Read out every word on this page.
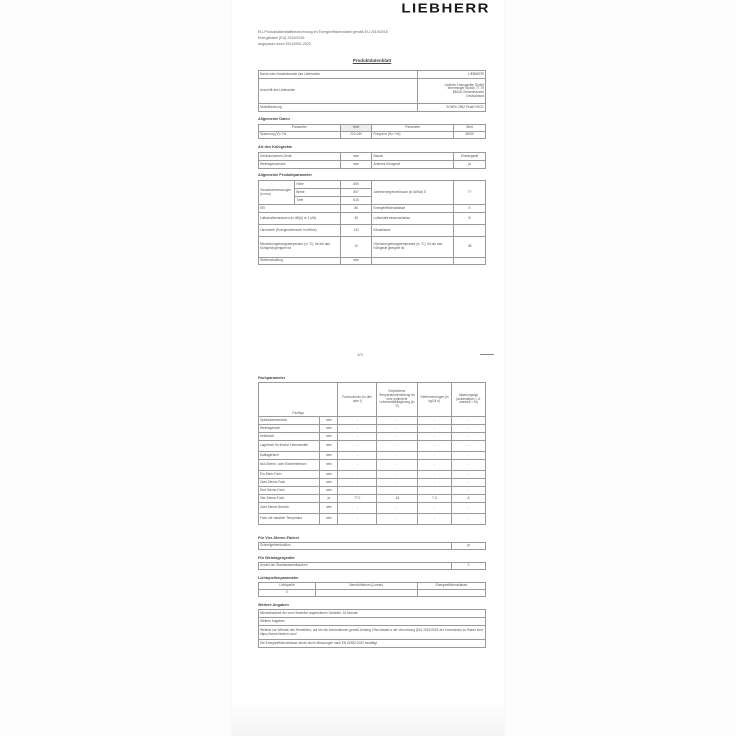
LIEBHERR
EU-Produktdatenblattbezeichnung im Energieeffizienzlabel gemäß EU 2019/2016
Energielabel (EU) 2019/2016
angepasst durch EN 62552-2020
Produktdatenblatt
Name oder Handelsmarke des Lieferanten	LIEBHERR
Anschrift des Lieferanten	Liebherr-Hausgeräte GmbH
Memminger Straße 77-79
88416 Ochsenhausen
Deutschland
Modellkennung	SGNPe 2562 Peak/Y/SGC
Allgemeine Daten
Parameter	Wert	Parameter	Wert
Spannung (V) / Hz	220-240	Frequenz (Hz / Hz)	50/60
Art des Kühlgeräts
Geräuscharmes Gerät	nein	Bauart	Einbaugerät
Weinlagerschrank	nein	Anderes Kühlgerät	ja
Allgemeine Produktparameter
Gesamtabmessungen (in mm)	Höhe	850	Jahresenergieverbrauch (in kWh/a) E	7?
	Breite	597		
	Tiefe	615		
EEI		86	Energieeffizienzklasse	E
Luftschallemissionen (in dB(A) re 1 pW)		35	Luftschallemissionsklasse	B
Lärmwerte (Energieverbrauch in kWh/a)		132	Klimaklasse	
Mindestumgebungstemperatur (in °C), für die das Kühlgerät geeignet ist		10	Höchstumgebungstemperatur (in °C), für die das Kühlgerät geeignet ist	38
Winterschaltung		nein		
1/3
Fachparameter
Fachtyp		Fachvolumen (in dm³ oder l)	Empfohlene Temperatureinstellung für eine optimierte Lebensmittellagerung (in °C)	Gefriervermögen (in kg/24 h)	Abtauungstyp (automatisch = A, manuell = M)
Speisekammerfach	nein	-	-	-	-
Weinlagerfach	nein	-	-	-	-
Kellerfach	nein	-	-	-	-
Lagerfach für frische Lebensmittel	nein	-	-	-	-
Kaltlagerfach	nein	-	-	-	-
Null-Sterne- oder Eisbereiterfach	nein	-	-	-	-
Ein-Stern-Fach	nein	-	-	-	-
Zwei-Sterne-Fach	nein	-	-	-	-
Drei-Sterne-Fach	nein	-	-	-	-
Vier-Sterne-Fach	ja	77.0	-18	7.0	A
Zwei-Sterne-Bereich	nein	-	-	-	-
Fach mit variabler Temperatur	nein	-	-	-	-
Für Vier-Sterne-Fächer
Schnellgefrierfunktion	ja
Für Weinlagergeräte
Anzahl der Standardweinflaschen	0
Lichtquellenparameter
Lichtquelle	Nennlichtstrom (Lumen)	Energieeffizienzklasse
0		
Weitere Angaben
Mindestlaufzeit der vom Hersteller angebotenen Garantie: 24 Monate
Weitere Angaben:
Weblink zur Website des Herstellers, auf der die Informationen gemäß Anhang II Buchstabe a der Verordnung (EU) 2019/2023 der Kommission zu finden sind: https://home.liebherr.com/
Die Energieeffizienzklasse wurde durch Messungen nach EN 62552:2020 bestätigt
